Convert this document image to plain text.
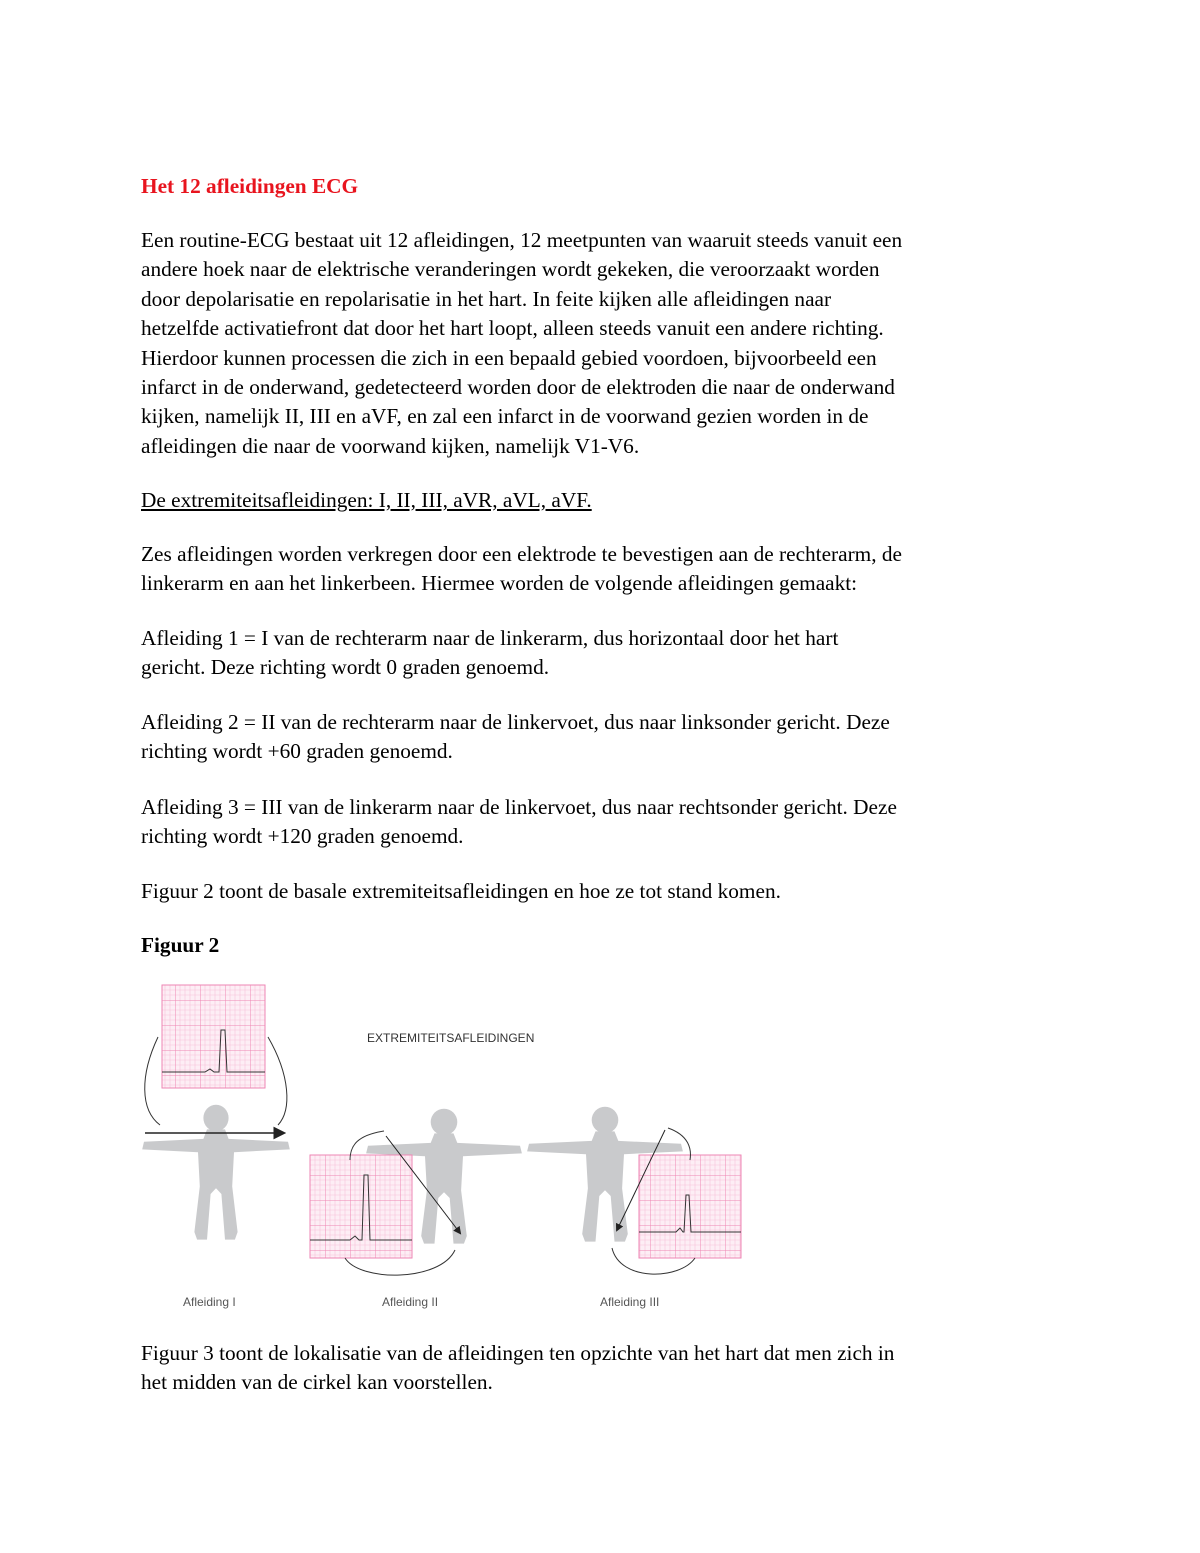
Het 12 afleidingen ECG

Een routine-ECG bestaat uit 12 afleidingen, 12 meetpunten van waaruit steeds vanuit een
andere hoek naar de elektrische veranderingen wordt gekeken, die veroorzaakt worden
door depolarisatie en repolarisatie in het hart. In feite kijken alle afleidingen naar
hetzelfde activatiefront dat door het hart loopt, alleen steeds vanuit een andere richting.
Hierdoor kunnen processen die zich in een bepaald gebied voordoen, bijvoorbeeld een
infarct in de onderwand, gedetecteerd worden door de elektroden die naar de onderwand
kijken, namelijk II, III en aVF, en zal een infarct in de voorwand gezien worden in de
afleidingen die naar de voorwand kijken, namelijk V1-V6.

De extremiteitsafleidingen: I, II, III, aVR, aVL, aVF.

Zes afleidingen worden verkregen door een elektrode te bevestigen aan de rechterarm, de
linkerarm en aan het linkerbeen. Hiermee worden de volgende afleidingen gemaakt:
Afleiding 1 = I van de rechterarm naar de linkerarm, dus horizontaal door het hart
gericht. Deze richting wordt 0 graden genoemd.
Afleiding 2 = II van de rechterarm naar de linkervoet, dus naar linksonder gericht. Deze
richting wordt +60 graden genoemd.
Afleiding 3 = III van de linkerarm naar de linkervoet, dus naar rechtsonder gericht. Deze
richting wordt +120 graden genoemd.

Figuur 2 toont de basale extremiteitsafleidingen en hoe ze tot stand komen.

Figuur 2

EXTREMITEITSAFLEIDINGEN
Afleiding I	Afleiding II	Afleiding III
Figuur 3 toont de lokalisatie van de afleidingen ten opzichte van het hart dat men zich in
het midden van de cirkel kan voorstellen.
